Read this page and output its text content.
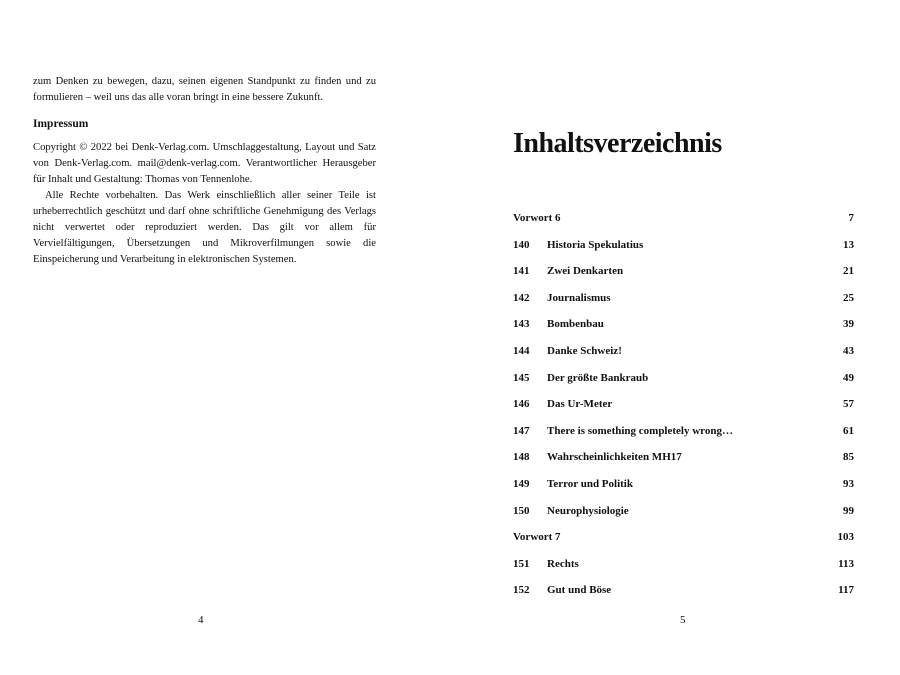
zum Denken zu bewegen, dazu, seinen eigenen Standpunkt zu finden und zu formulieren – weil uns das alle voran bringt in eine bessere Zukunft.

Impressum

Copyright © 2022 bei Denk-Verlag.com. Umschlaggestaltung, Layout und Satz von Denk-Verlag.com. mail@denk-verlag.com. Verantwortlicher Herausgeber für Inhalt und Gestaltung: Thomas von Tennenlohe.

Alle Rechte vorbehalten. Das Werk einschließlich aller seiner Teile ist urheberrechtlich geschützt und darf ohne schriftliche Genehmigung des Verlags nicht verwertet oder reproduziert werden. Das gilt vor allem für Vervielfältigungen, Übersetzungen und Mikroverfilmungen sowie die Einspeicherung und Verarbeitung in elektronischen Systemen.

4
Inhaltsverzeichnis
Vorwort 6	7
140 Historia Spekulatius	13
141 Zwei Denkarten	21
142 Journalismus	25
143 Bombenbau	39
144 Danke Schweiz!	43
145 Der größte Bankraub	49
146 Das Ur-Meter	57
147 There is something completely wrong…	61
148 Wahrscheinlichkeiten MH17	85
149 Terror und Politik	93
150 Neurophysiologie	99
Vorwort 7	103
151 Rechts	113
152 Gut und Böse	117
5
